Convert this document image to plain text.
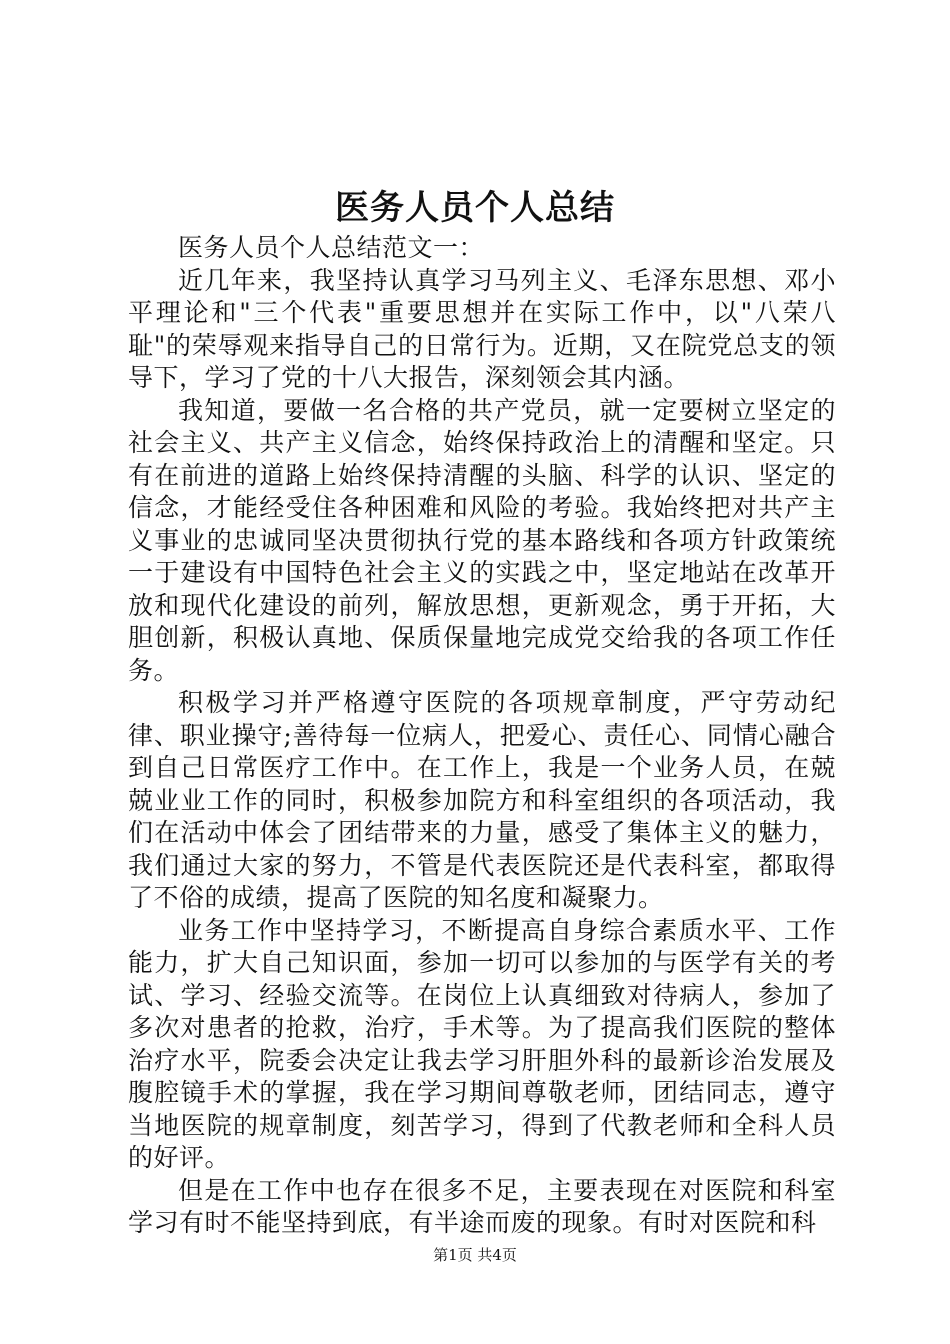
医务人员个人总结

医务人员个人总结范文一：

近几年来，我坚持认真学习马列主义、毛泽东思想、邓小平理论和"三个代表"重要思想并在实际工作中，以"八荣八耻"的荣辱观来指导自己的日常行为。近期，又在院党总支的领导下，学习了党的十八大报告，深刻领会其内涵。

我知道，要做一名合格的共产党员，就一定要树立坚定的社会主义、共产主义信念，始终保持政治上的清醒和坚定。只有在前进的道路上始终保持清醒的头脑、科学的认识、坚定的信念，才能经受住各种困难和风险的考验。我始终把对共产主义事业的忠诚同坚决贯彻执行党的基本路线和各项方针政策统一于建设有中国特色社会主义的实践之中，坚定地站在改革开放和现代化建设的前列，解放思想，更新观念，勇于开拓，大胆创新，积极认真地、保质保量地完成党交给我的各项工作任务。

积极学习并严格遵守医院的各项规章制度，严守劳动纪律、职业操守;善待每一位病人，把爱心、责任心、同情心融合到自己日常医疗工作中。在工作上，我是一个业务人员，在兢兢业业工作的同时，积极参加院方和科室组织的各项活动，我们在活动中体会了团结带来的力量，感受了集体主义的魅力，我们通过大家的努力，不管是代表医院还是代表科室，都取得了不俗的成绩，提高了医院的知名度和凝聚力。

业务工作中坚持学习，不断提高自身综合素质水平、工作能力，扩大自己知识面，参加一切可以参加的与医学有关的考试、学习、经验交流等。在岗位上认真细致对待病人，参加了多次对患者的抢救，治疗，手术等。为了提高我们医院的整体治疗水平，院委会决定让我去学习肝胆外科的最新诊治发展及腹腔镜手术的掌握，我在学习期间尊敬老师，团结同志，遵守当地医院的规章制度，刻苦学习，得到了代教老师和全科人员的好评。

但是在工作中也存在很多不足，主要表现在对医院和科室学习有时不能坚持到底，有半途而废的现象。有时对医院和科

第1页 共4页
